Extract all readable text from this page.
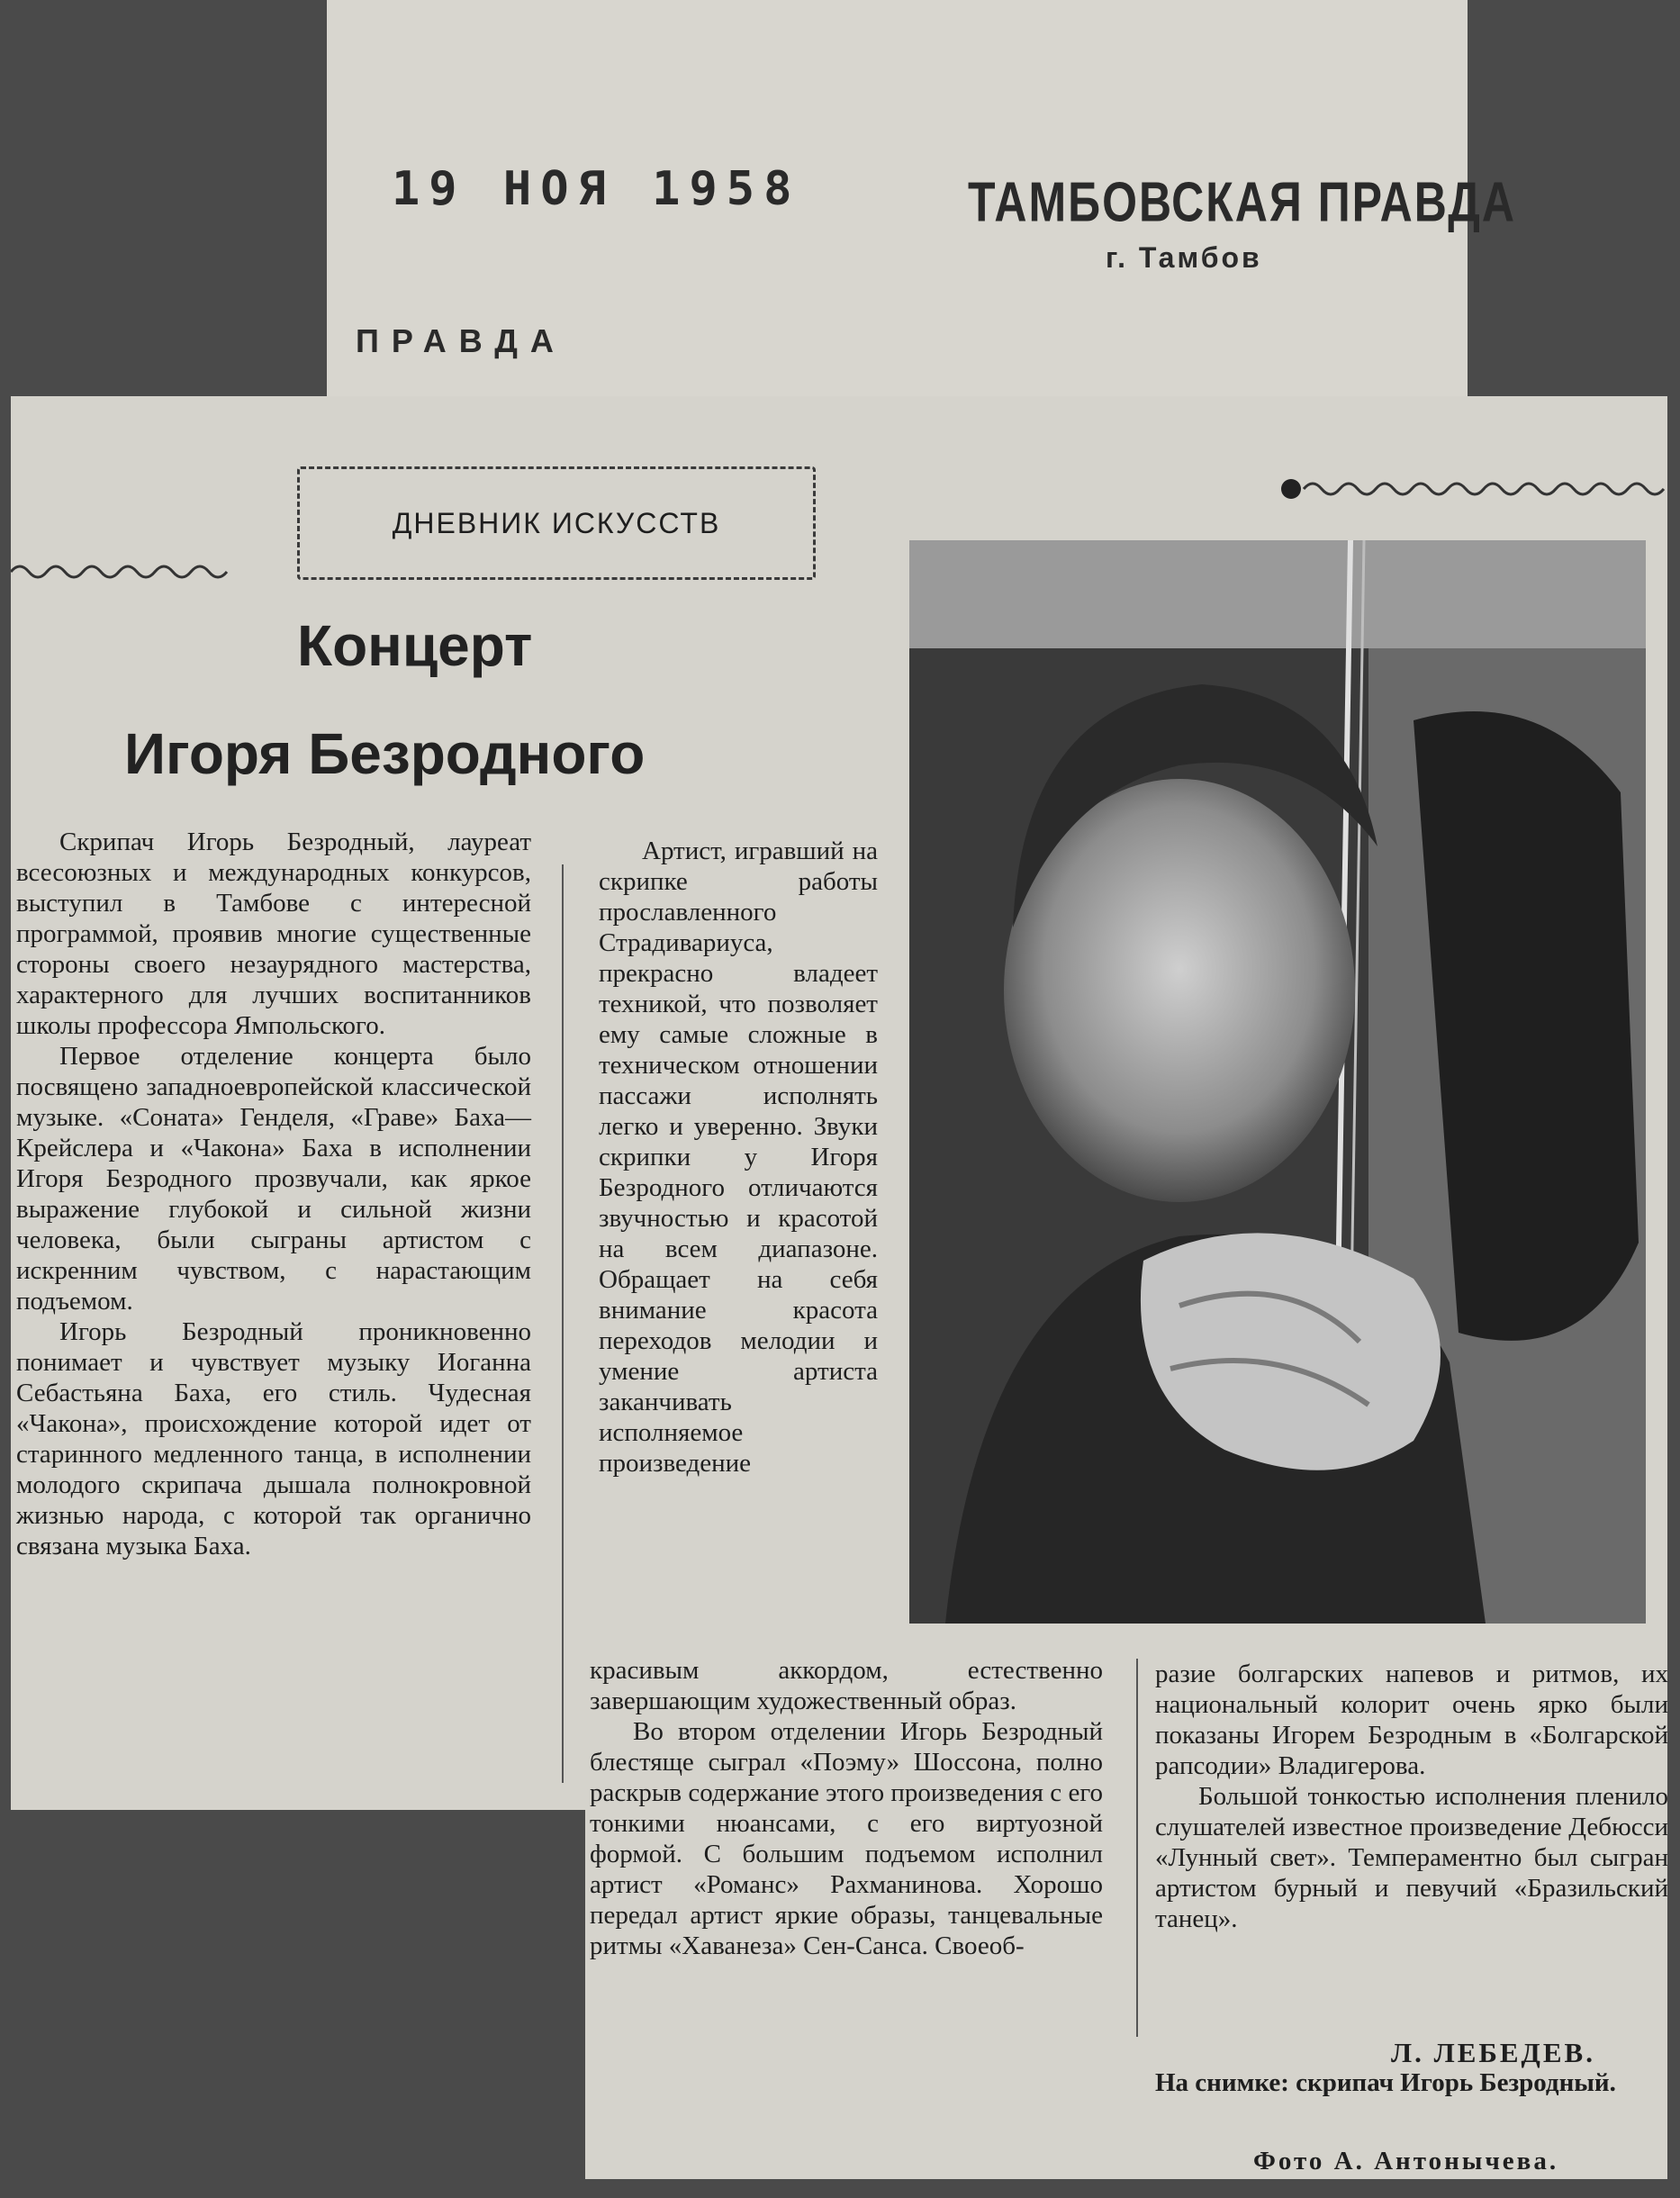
19 НОЯ 1958	ТАМБОВСКАЯ ПРАВДА
г. Тамбов
ПРАВДА
ДНЕВНИК ИСКУССТВ
Концерт
Игоря Безродного

Скрипач Игорь Безродный, лауреат всесоюзных и международных конкурсов, выступил в Тамбове с интересной программой, проявив многие существенные стороны своего незаурядного мастерства, характерного для лучших воспитанников школы профессора Ямпольского.

Первое отделение концерта было посвящено западноевропейской классической музыке. «Соната» Генделя, «Граве» Баха—Крейслера и «Чакона» Баха в исполнении Игоря Безродного прозвучали, как яркое выражение глубокой и сильной жизни человека, были сыграны артистом с искренним чувством, с нарастающим подъемом.

Игорь Безродный проникновенно понимает и чувствует музыку Иоганна Себастьяна Баха, его стиль. Чудесная «Чакона», происхождение которой идет от старинного медленного танца, в исполнении молодого скрипача дышала полнокровной жизнью народа, с которой так органично связана музыка Баха.

Артист, игравший на скрипке работы прославленного Страдивариуса, прекрасно владеет техникой, что позволяет ему самые сложные в техническом отношении пассажи исполнять легко и уверенно. Звуки скрипки у Игоря Безродного отличаются звучностью и красотой на всем диапазоне. Обращает на себя внимание красота переходов мелодии и умение артиста заканчивать исполняемое произведение

красивым аккордом, естественно завершающим художественный образ.

Во втором отделении Игорь Безродный блестяще сыграл «Поэму» Шоссона, полно раскрыв содержание этого произведения с его тонкими нюансами, с его виртуозной формой. С большим подъемом исполнил артист «Романс» Рахманинова. Хорошо передал артист яркие образы, танцевальные ритмы «Хаванеза» Сен-Санса. Своеоб-

разие болгарских напевов и ритмов, их национальный колорит очень ярко были показаны Игорем Безродным в «Болгарской рапсодии» Владигерова.

Большой тонкостью исполнения пленило слушателей известное произведение Дебюсси «Лунный свет». Темпераментно был сыгран артистом бурный и певучий «Бразильский танец».

Л. ЛЕБЕДЕВ.
На снимке: скрипач Игорь Безродный.
Фото А. Антонычева.
